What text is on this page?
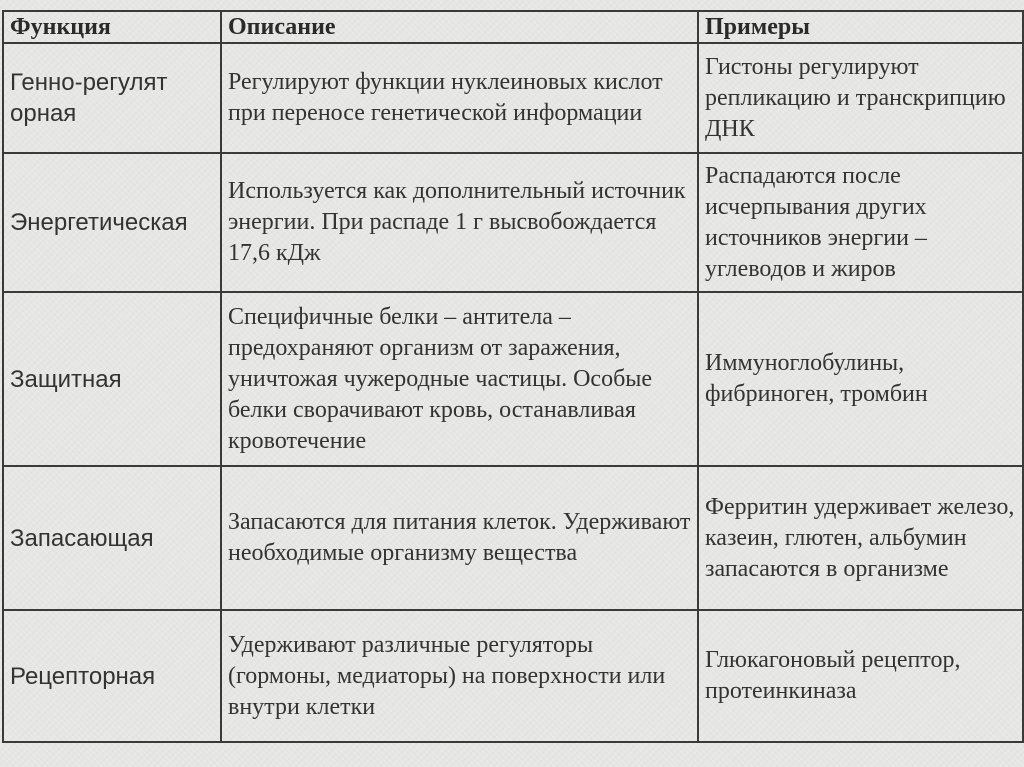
Функция	Описание	Примеры
Генно-регуляторная	Регулируют функции нуклеиновых кислот при переносе генетической информации	Гистоны регулируют репликацию и транскрипцию ДНК
Энергетическая	Используется как дополнительный источник энергии. При распаде 1 г высвобождается 17,6 кДж	Распадаются после исчерпывания других источников энергии – углеводов и жиров
Защитная	Специфичные белки – антитела – предохраняют организм от заражения, уничтожая чужеродные частицы. Особые белки сворачивают кровь, останавливая кровотечение	Иммуноглобулины, фибриноген, тромбин
Запасающая	Запасаются для питания клеток. Удерживают необходимые организму вещества	Ферритин удерживает железо, казеин, глютен, альбумин запасаются в организме
Рецепторная	Удерживают различные регуляторы (гормоны, медиаторы) на поверхности или внутри клетки	Глюкагоновый рецептор, протеинкиназа
